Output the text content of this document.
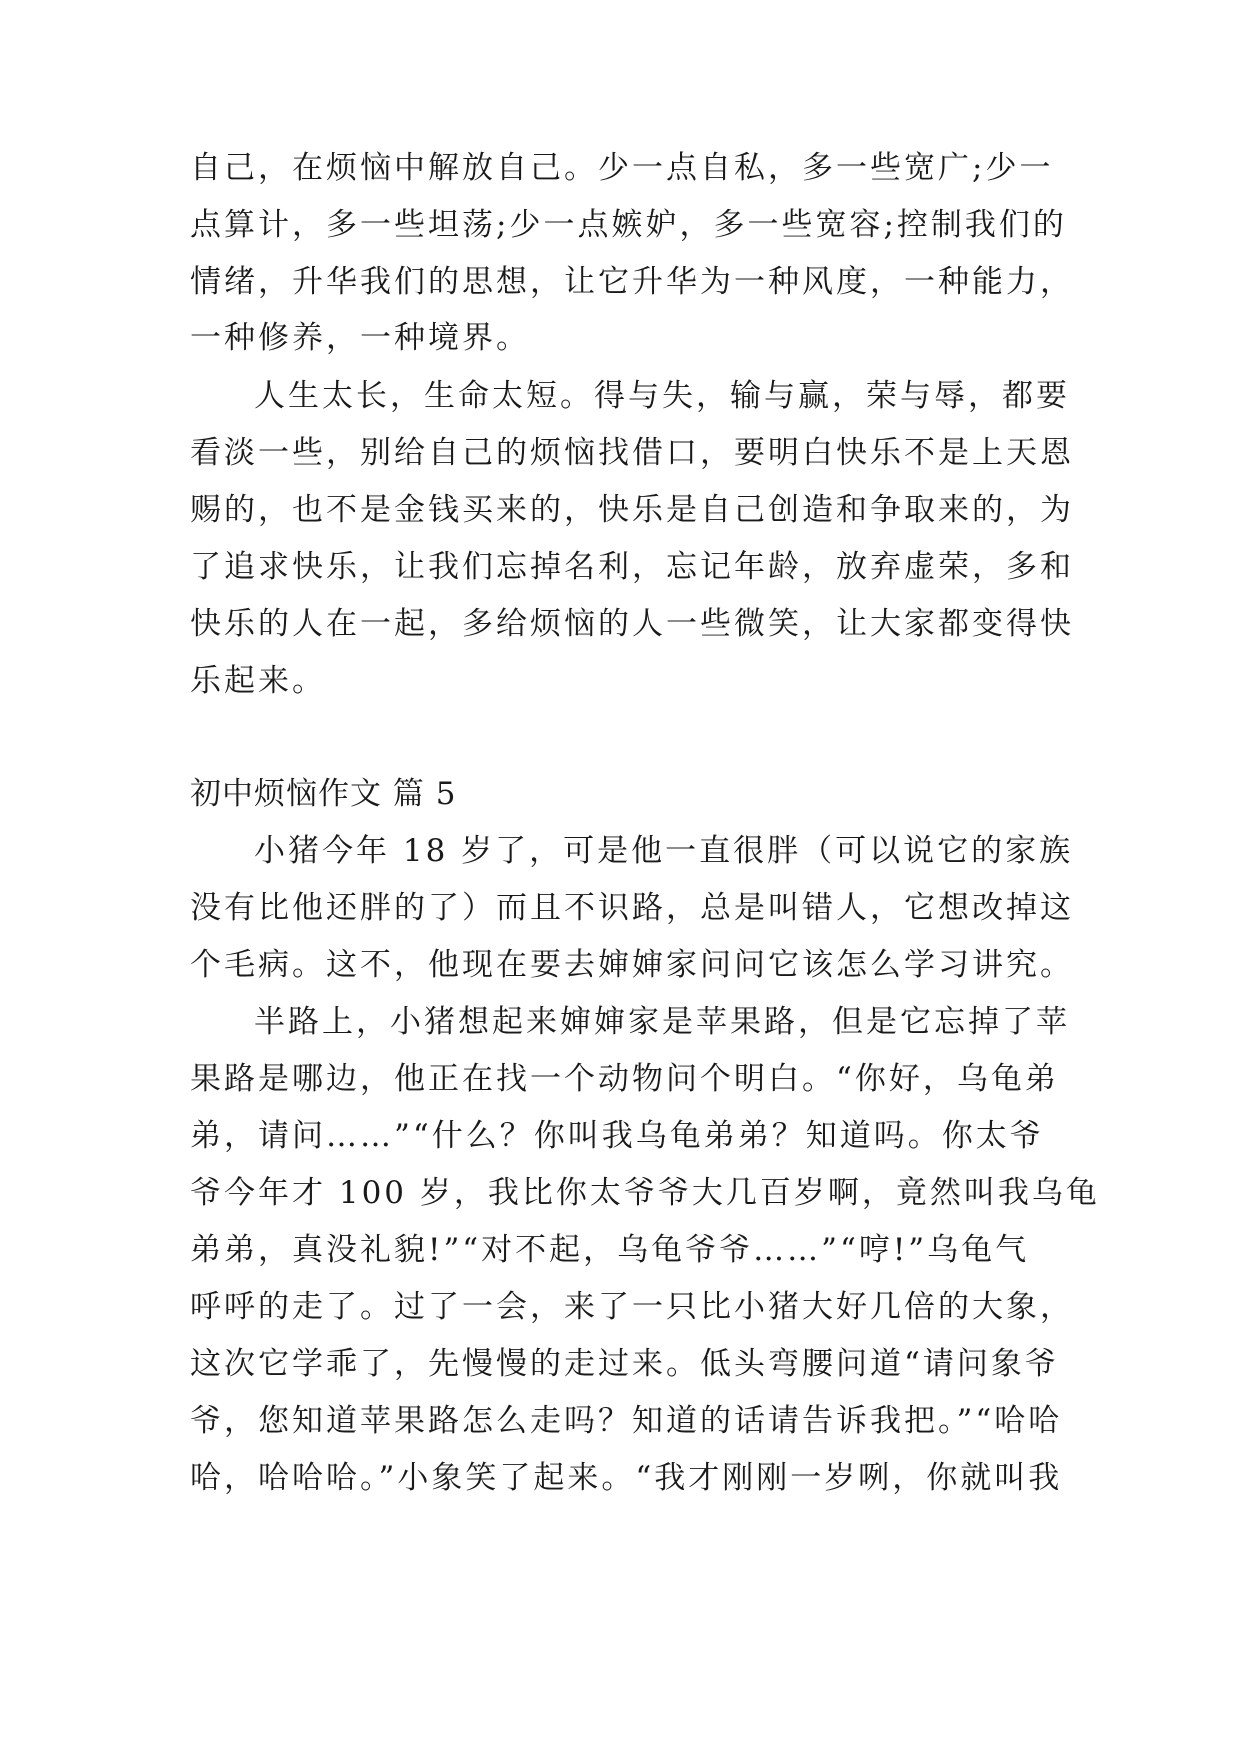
自己，在烦恼中解放自己。少一点自私，多一些宽广;少一
点算计，多一些坦荡;少一点嫉妒，多一些宽容;控制我们的
情绪，升华我们的思想，让它升华为一种风度，一种能力，
一种修养，一种境界。
人生太长，生命太短。得与失，输与赢，荣与辱，都要
看淡一些，别给自己的烦恼找借口，要明白快乐不是上天恩
赐的，也不是金钱买来的，快乐是自己创造和争取来的，为
了追求快乐，让我们忘掉名利，忘记年龄，放弃虚荣，多和
快乐的人在一起，多给烦恼的人一些微笑，让大家都变得快
乐起来。
初中烦恼作文 篇 5
小猪今年 18 岁了，可是他一直很胖（可以说它的家族
没有比他还胖的了）而且不识路，总是叫错人，它想改掉这
个毛病。这不，他现在要去婶婶家问问它该怎么学习讲究。
半路上，小猪想起来婶婶家是苹果路，但是它忘掉了苹
果路是哪边，他正在找一个动物问个明白。“你好，乌龟弟
弟，请问……”“什么？你叫我乌龟弟弟？知道吗。你太爷
爷今年才 100 岁，我比你太爷爷大几百岁啊，竟然叫我乌龟
弟弟，真没礼貌!”“对不起，乌龟爷爷……”“哼!”乌龟气
呼呼的走了。过了一会，来了一只比小猪大好几倍的大象，
这次它学乖了，先慢慢的走过来。低头弯腰问道“请问象爷
爷，您知道苹果路怎么走吗？知道的话请告诉我把。”“哈哈
哈，哈哈哈。”小象笑了起来。“我才刚刚一岁咧，你就叫我
